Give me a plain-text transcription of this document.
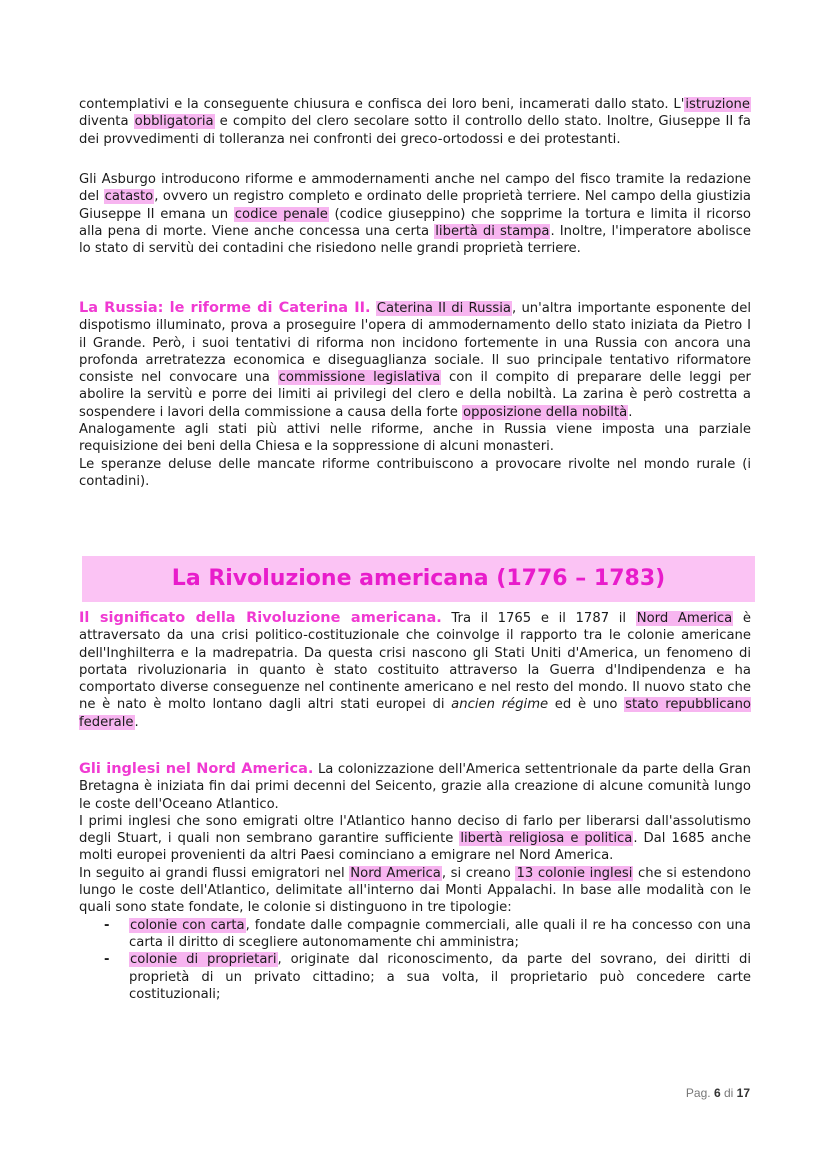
contemplativi e la conseguente chiusura e confisca dei loro beni, incamerati dallo stato. L'istruzione diventa obbligatoria e compito del clero secolare sotto il controllo dello stato. Inoltre, Giuseppe II fa dei provvedimenti di tolleranza nei confronti dei greco-ortodossi e dei protestanti.
Gli Asburgo introducono riforme e ammodernamenti anche nel campo del fisco tramite la redazione del catasto, ovvero un registro completo e ordinato delle proprietà terriere. Nel campo della giustizia Giuseppe II emana un codice penale (codice giuseppino) che sopprime la tortura e limita il ricorso alla pena di morte. Viene anche concessa una certa libertà di stampa. Inoltre, l'imperatore abolisce lo stato di servitù dei contadini che risiedono nelle grandi proprietà terriere.
La Russia: le riforme di Caterina II. Caterina II di Russia, un'altra importante esponente del dispotismo illuminato, prova a proseguire l'opera di ammodernamento dello stato iniziata da Pietro I il Grande. Però, i suoi tentativi di riforma non incidono fortemente in una Russia con ancora una profonda arretratezza economica e diseguaglianza sociale. Il suo principale tentativo riformatore consiste nel convocare una commissione legislativa con il compito di preparare delle leggi per abolire la servitù e porre dei limiti ai privilegi del clero e della nobiltà. La zarina è però costretta a sospendere i lavori della commissione a causa della forte opposizione della nobiltà.
Analogamente agli stati più attivi nelle riforme, anche in Russia viene imposta una parziale requisizione dei beni della Chiesa e la soppressione di alcuni monasteri.
Le speranze deluse delle mancate riforme contribuiscono a provocare rivolte nel mondo rurale (i contadini).
La Rivoluzione americana (1776 – 1783)
Il significato della Rivoluzione americana. Tra il 1765 e il 1787 il Nord America è attraversato da una crisi politico-costituzionale che coinvolge il rapporto tra le colonie americane dell'Inghilterra e la madrepatria. Da questa crisi nascono gli Stati Uniti d'America, un fenomeno di portata rivoluzionaria in quanto è stato costituito attraverso la Guerra d'Indipendenza e ha comportato diverse conseguenze nel continente americano e nel resto del mondo. Il nuovo stato che ne è nato è molto lontano dagli altri stati europei di ancien régime ed è uno stato repubblicano federale.
Gli inglesi nel Nord America. La colonizzazione dell'America settentrionale da parte della Gran Bretagna è iniziata fin dai primi decenni del Seicento, grazie alla creazione di alcune comunità lungo le coste dell'Oceano Atlantico.
I primi inglesi che sono emigrati oltre l'Atlantico hanno deciso di farlo per liberarsi dall'assolutismo degli Stuart, i quali non sembrano garantire sufficiente libertà religiosa e politica. Dal 1685 anche molti europei provenienti da altri Paesi cominciano a emigrare nel Nord America.
In seguito ai grandi flussi emigratori nel Nord America, si creano 13 colonie inglesi che si estendono lungo le coste dell'Atlantico, delimitate all'interno dai Monti Appalachi. In base alle modalità con le quali sono state fondate, le colonie si distinguono in tre tipologie:
- colonie con carta, fondate dalle compagnie commerciali, alle quali il re ha concesso con una carta il diritto di scegliere autonomamente chi amministra;
- colonie di proprietari, originate dal riconoscimento, da parte del sovrano, dei diritti di proprietà di un privato cittadino; a sua volta, il proprietario può concedere carte costituzionali;
Pag. 6 di 17
